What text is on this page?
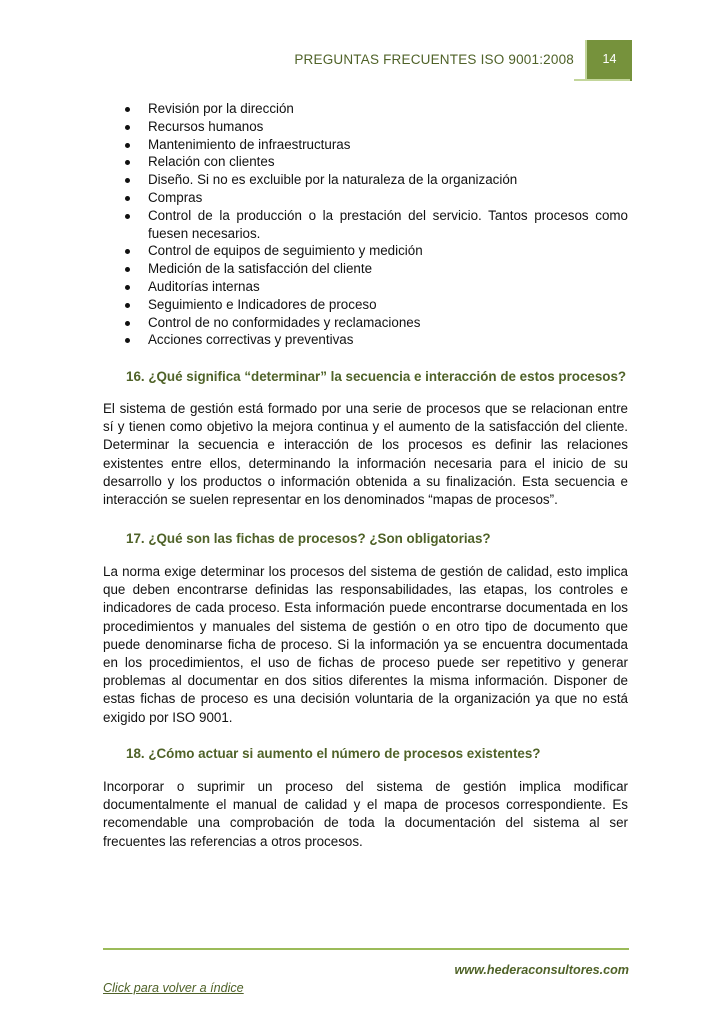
PREGUNTAS FRECUENTES ISO 9001:2008	14
Revisión por la dirección
Recursos humanos
Mantenimiento de infraestructuras
Relación con clientes
Diseño. Si no es excluible por la naturaleza de la organización
Compras
Control de la producción o la prestación del servicio. Tantos procesos como fuesen necesarios.
Control de equipos de seguimiento y medición
Medición de la satisfacción del cliente
Auditorías internas
Seguimiento e Indicadores de proceso
Control de no conformidades y reclamaciones
Acciones correctivas y preventivas
16. ¿Qué significa “determinar” la secuencia e interacción de estos procesos?

El sistema de gestión está formado por una serie de procesos que se relacionan entre sí y tienen como objetivo la mejora continua y el aumento de la satisfacción del cliente. Determinar la secuencia e interacción de los procesos es definir las relaciones existentes entre ellos, determinando la información necesaria para el inicio de su desarrollo y los productos o información obtenida a su finalización. Esta secuencia e interacción se suelen representar en los denominados “mapas de procesos”.

17. ¿Qué son las fichas de procesos? ¿Son obligatorias?

La norma exige determinar los procesos del sistema de gestión de calidad, esto implica que deben encontrarse definidas las responsabilidades, las etapas, los controles e indicadores de cada proceso. Esta información puede encontrarse documentada en los procedimientos y manuales del sistema de gestión o en otro tipo de documento que puede denominarse ficha de proceso. Si la información ya se encuentra documentada en los procedimientos, el uso de fichas de proceso puede ser repetitivo y generar problemas al documentar en dos sitios diferentes la misma información. Disponer de estas fichas de proceso es una decisión voluntaria de la organización ya que no está exigido por ISO 9001.

18. ¿Cómo actuar si aumento el número de procesos existentes?

Incorporar o suprimir un proceso del sistema de gestión implica modificar documentalmente el manual de calidad y el mapa de procesos correspondiente. Es recomendable una comprobación de toda la documentación del sistema al ser frecuentes las referencias a otros procesos.

www.hederaconsultores.com
Click para volver a índice
